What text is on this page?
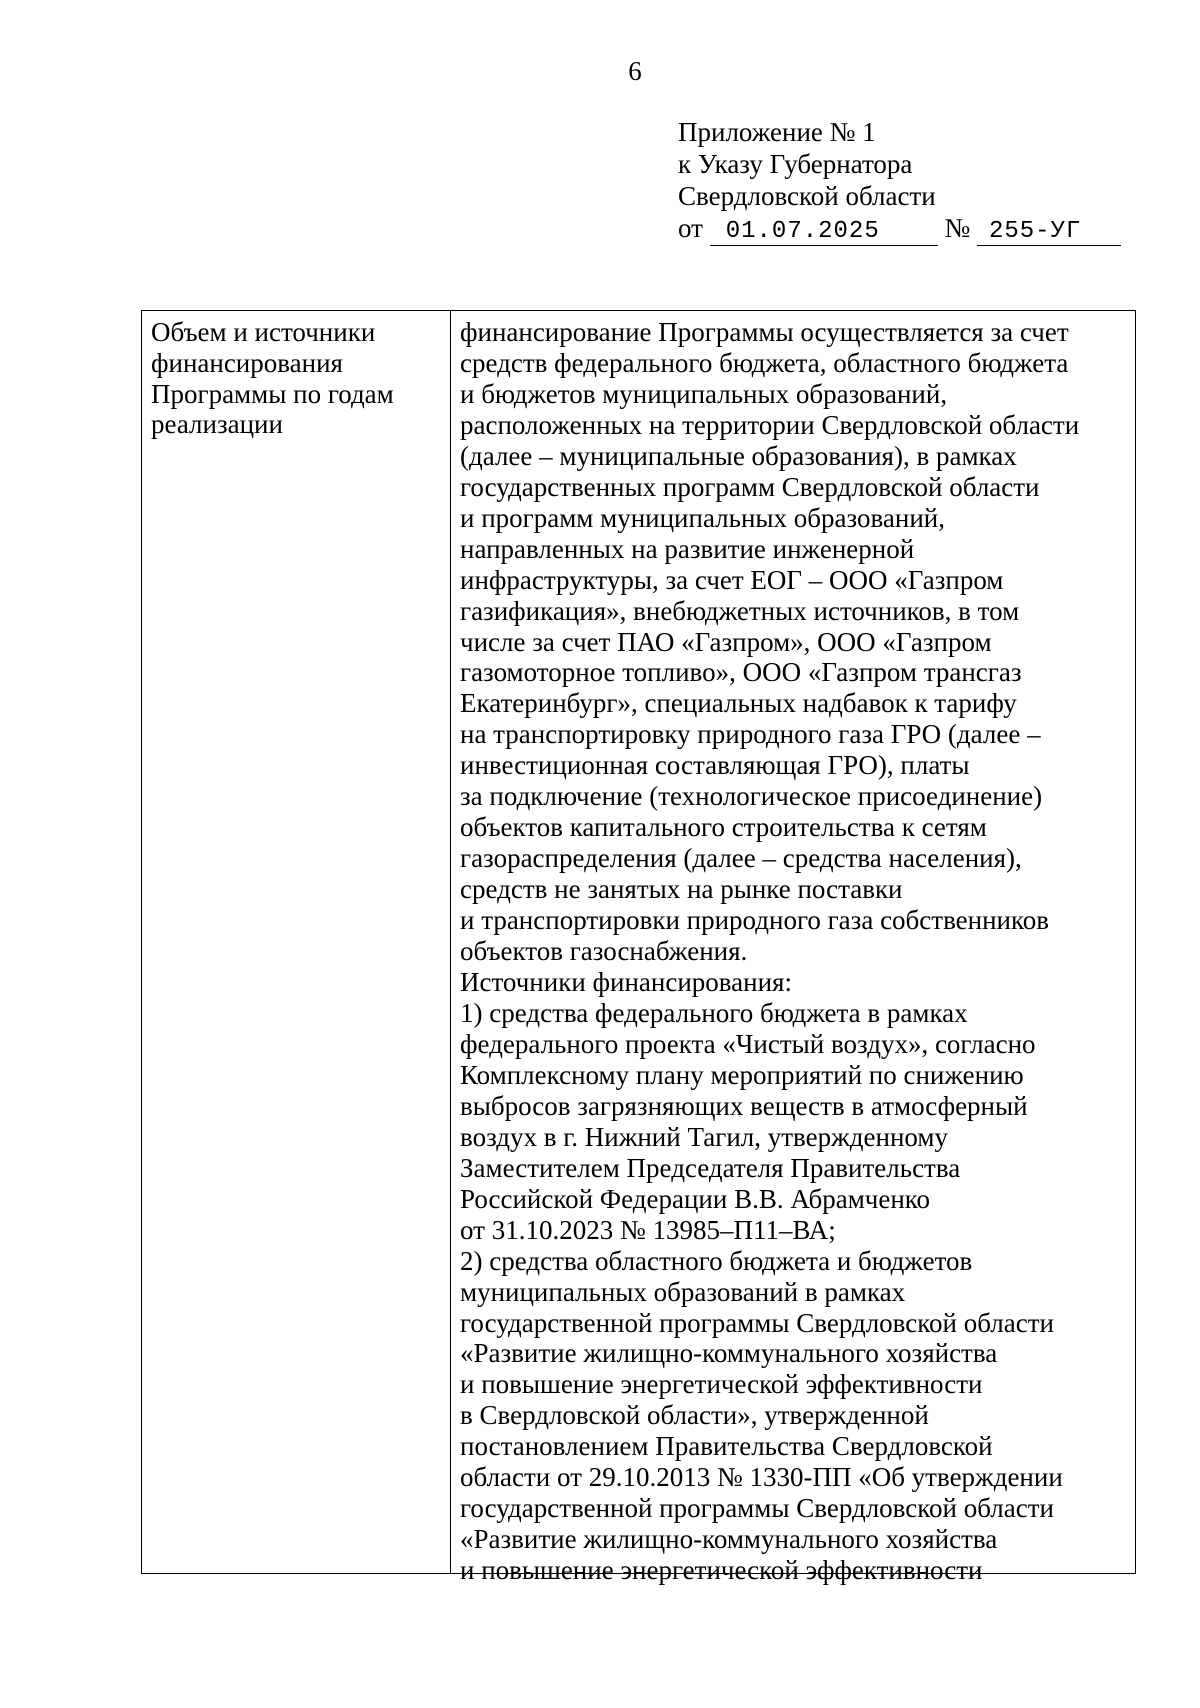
6
Приложение № 1
к Указу Губернатора
Свердловской области
от 01.07.2025 № 255-УГ
Объем и источники
финансирования
Программы по годам
реализации
финансирование Программы осуществляется за счет
средств федерального бюджета, областного бюджета
и бюджетов муниципальных образований,
расположенных на территории Свердловской области
(далее – муниципальные образования), в рамках
государственных программ Свердловской области
и программ муниципальных образований,
направленных на развитие инженерной
инфраструктуры, за счет ЕОГ – ООО «Газпром
газификация», внебюджетных источников, в том
числе за счет ПАО «Газпром», ООО «Газпром
газомоторное топливо», ООО «Газпром трансгаз
Екатеринбург», специальных надбавок к тарифу
на транспортировку природного газа ГРО (далее –
инвестиционная составляющая ГРО), платы
за подключение (технологическое присоединение)
объектов капитального строительства к сетям
газораспределения (далее – средства населения),
средств не занятых на рынке поставки
и транспортировки природного газа собственников
объектов газоснабжения.
Источники финансирования:
1) средства федерального бюджета в рамках
федерального проекта «Чистый воздух», согласно
Комплексному плану мероприятий по снижению
выбросов загрязняющих веществ в атмосферный
воздух в г. Нижний Тагил, утвержденному
Заместителем Председателя Правительства
Российской Федерации В.В. Абрамченко
от 31.10.2023 № 13985–П11–ВА;
2) средства областного бюджета и бюджетов
муниципальных образований в рамках
государственной программы Свердловской области
«Развитие жилищно-коммунального хозяйства
и повышение энергетической эффективности
в Свердловской области», утвержденной
постановлением Правительства Свердловской
области от 29.10.2013 № 1330-ПП «Об утверждении
государственной программы Свердловской области
«Развитие жилищно-коммунального хозяйства
и повышение энергетической эффективности
